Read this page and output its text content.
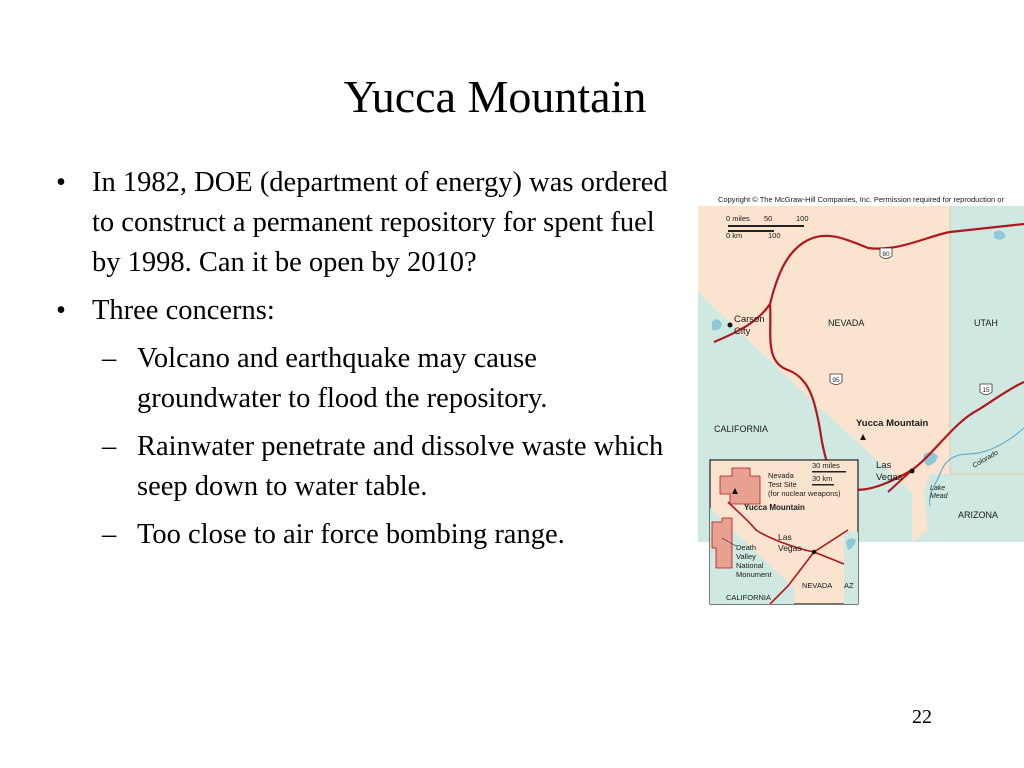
Yucca Mountain
• In 1982, DOE (department of energy) was ordered to construct a permanent repository for spent fuel by 1998. Can it be open by 2010?
• Three concerns:
– Volcano and earthquake may cause groundwater to flood the repository.
– Rainwater penetrate and dissolve waste which seep down to water table.
– Too close to air force bombing range.
Copyright © The McGraw-Hill Companies, Inc. Permission required for reproduction or
80
95
15
0 miles 50	100
0 km	100
Carson
City
NEVADA	UTAH
CALIFORNIA
ARIZONA
Yucca Mountain
Las
Vegas
Lake
Mead
Colorado
30 miles
30 km
Nevada
Test Site
(for nuclear weapons)
Yucca Mountain
Death
Valley
National
Monument
Las
Vegas
NEVADA AZ
CALIFORNIA
22
